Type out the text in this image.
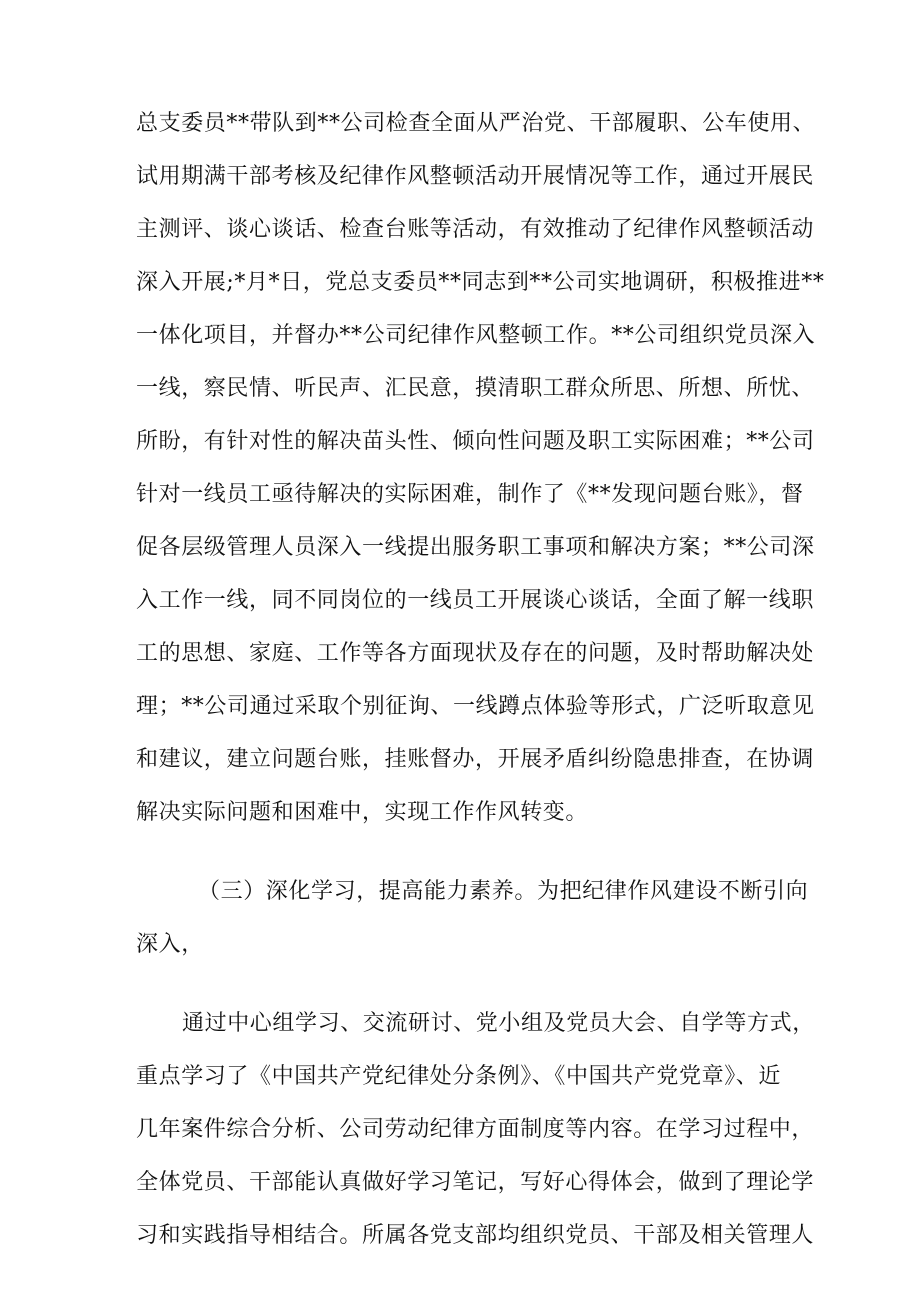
总支委员**带队到**公司检查全面从严治党、干部履职、公车使用、
试用期满干部考核及纪律作风整顿活动开展情况等工作，通过开展民
主测评、谈心谈话、检查台账等活动，有效推动了纪律作风整顿活动
深入开展;*月*日，党总支委员**同志到**公司实地调研，积极推进**
一体化项目，并督办**公司纪律作风整顿工作。**公司组织党员深入
一线，察民情、听民声、汇民意，摸清职工群众所思、所想、所忧、
所盼，有针对性的解决苗头性、倾向性问题及职工实际困难；**公司
针对一线员工亟待解决的实际困难，制作了《**发现问题台账》，督
促各层级管理人员深入一线提出服务职工事项和解决方案；**公司深
入工作一线，同不同岗位的一线员工开展谈心谈话，全面了解一线职
工的思想、家庭、工作等各方面现状及存在的问题，及时帮助解决处
理；**公司通过采取个别征询、一线蹲点体验等形式，广泛听取意见
和建议，建立问题台账，挂账督办，开展矛盾纠纷隐患排查，在协调
解决实际问题和困难中，实现工作作风转变。
（三）深化学习，提高能力素养。为把纪律作风建设不断引向
深入，
通过中心组学习、交流研讨、党小组及党员大会、自学等方式，
重点学习了《中国共产党纪律处分条例》、《中国共产党党章》、近
几年案件综合分析、公司劳动纪律方面制度等内容。在学习过程中，
全体党员、干部能认真做好学习笔记，写好心得体会，做到了理论学
习和实践指导相结合。所属各党支部均组织党员、干部及相关管理人
